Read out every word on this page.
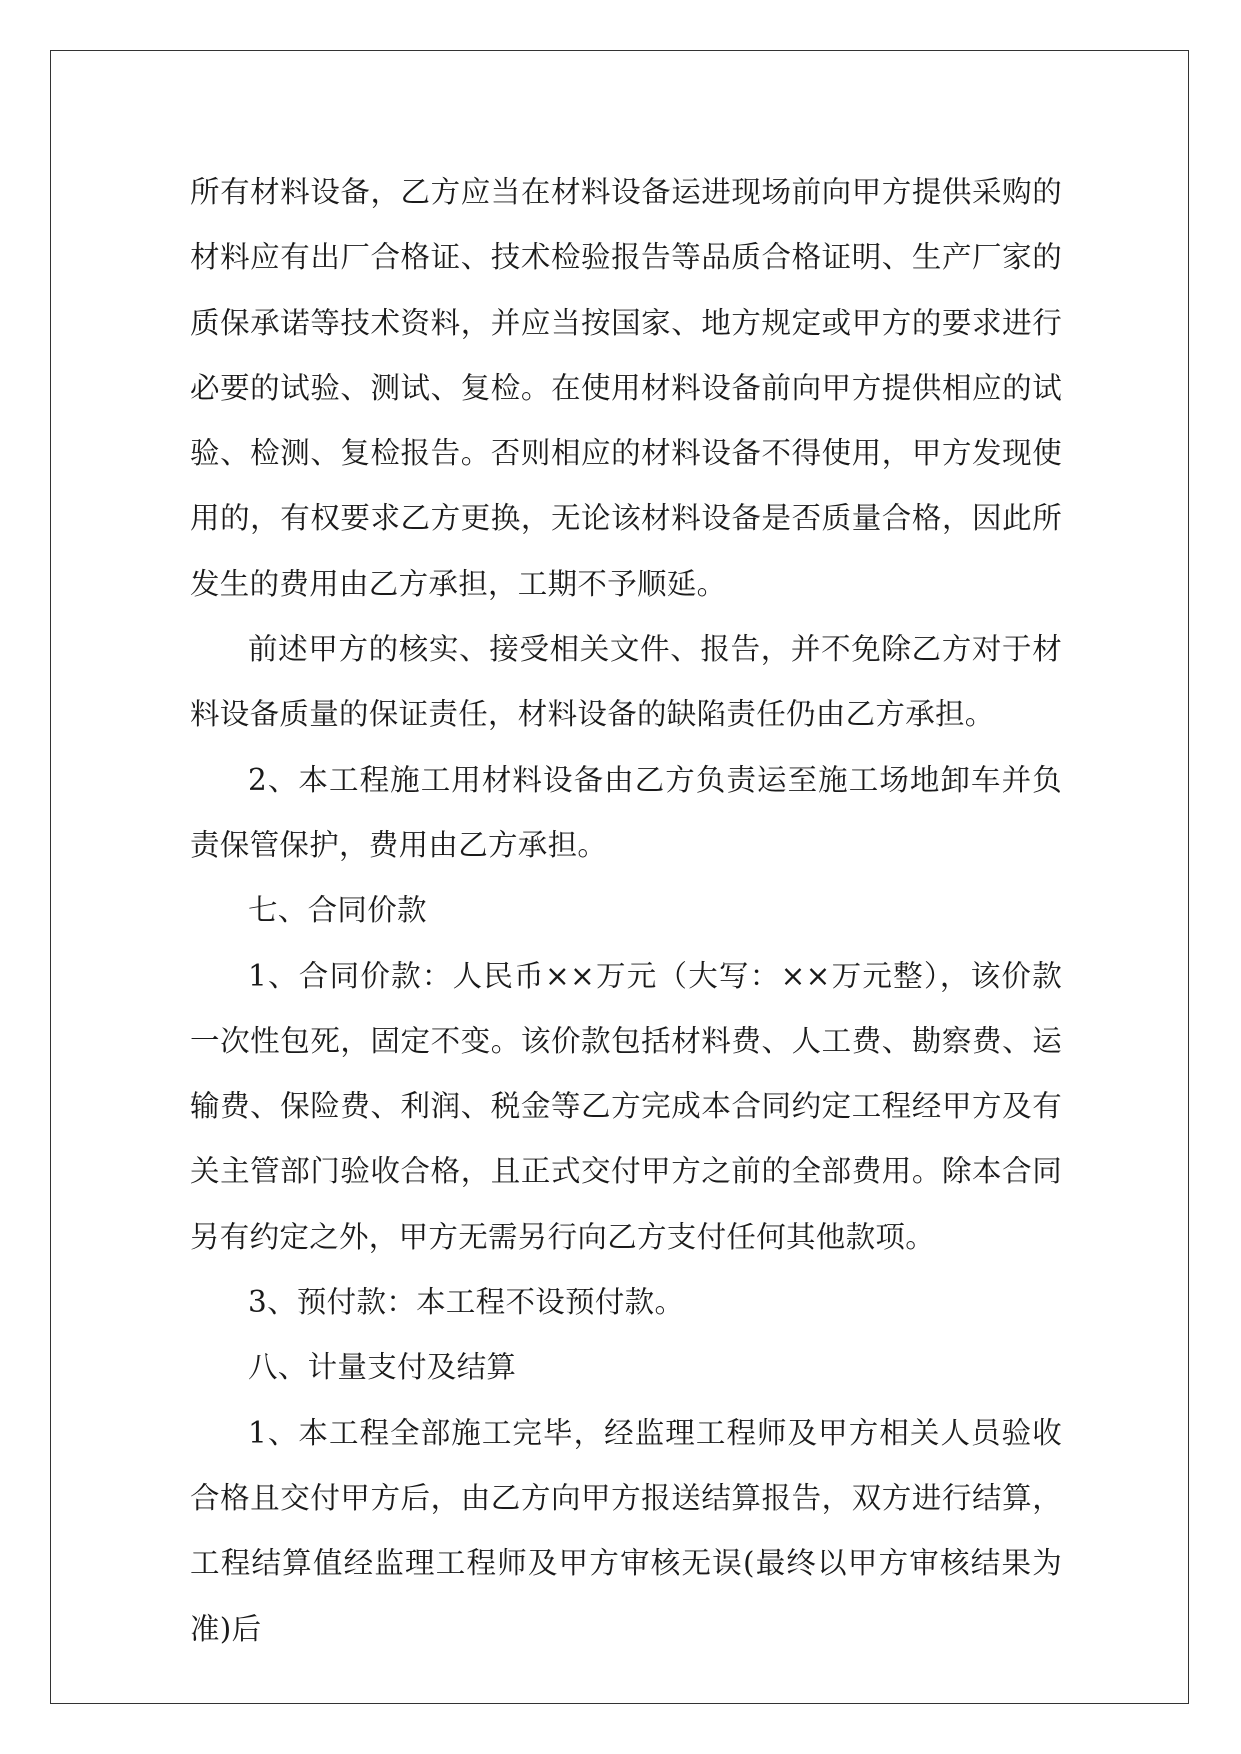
所有材料设备，乙方应当在材料设备运进现场前向甲方提供采购的材料应有出厂合格证、技术检验报告等品质合格证明、生产厂家的质保承诺等技术资料，并应当按国家、地方规定或甲方的要求进行必要的试验、测试、复检。在使用材料设备前向甲方提供相应的试验、检测、复检报告。否则相应的材料设备不得使用，甲方发现使用的，有权要求乙方更换，无论该材料设备是否质量合格，因此所发生的费用由乙方承担，工期不予顺延。

前述甲方的核实、接受相关文件、报告，并不免除乙方对于材料设备质量的保证责任，材料设备的缺陷责任仍由乙方承担。

2、本工程施工用材料设备由乙方负责运至施工场地卸车并负责保管保护，费用由乙方承担。

七、合同价款

1、合同价款：人民币××万元（大写：××万元整），该价款一次性包死，固定不变。该价款包括材料费、人工费、勘察费、运输费、保险费、利润、税金等乙方完成本合同约定工程经甲方及有关主管部门验收合格，且正式交付甲方之前的全部费用。除本合同另有约定之外，甲方无需另行向乙方支付任何其他款项。

3、预付款：本工程不设预付款。

八、计量支付及结算

1、本工程全部施工完毕，经监理工程师及甲方相关人员验收合格且交付甲方后，由乙方向甲方报送结算报告，双方进行结算，工程结算值经监理工程师及甲方审核无误(最终以甲方审核结果为准)后
